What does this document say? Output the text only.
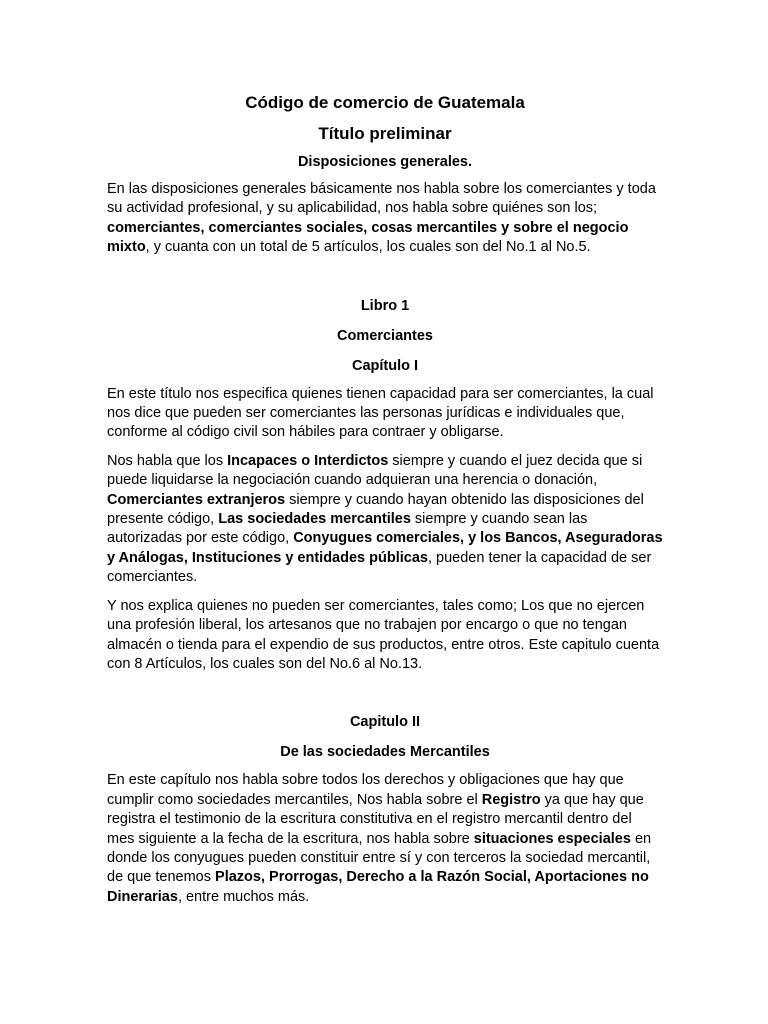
Código de comercio de Guatemala
Título preliminar
Disposiciones generales.

En las disposiciones generales básicamente nos habla sobre los comerciantes y toda su actividad profesional, y su aplicabilidad, nos habla sobre quiénes son los; comerciantes, comerciantes sociales, cosas mercantiles y sobre el negocio mixto, y cuanta con un total de 5 artículos, los cuales son del No.1 al No.5.

Libro 1
Comerciantes
Capítulo I

En este título nos especifica quienes tienen capacidad para ser comerciantes, la cual nos dice que pueden ser comerciantes las personas jurídicas e individuales que, conforme al código civil son hábiles para contraer y obligarse.

Nos habla que los Incapaces o Interdictos siempre y cuando el juez decida que si puede liquidarse la negociación cuando adquieran una herencia o donación, Comerciantes extranjeros siempre y cuando hayan obtenido las disposiciones del presente código, Las sociedades mercantiles siempre y cuando sean las autorizadas por este código, Conyugues comerciales, y los Bancos, Aseguradoras y Análogas, Instituciones y entidades públicas, pueden tener la capacidad de ser comerciantes.

Y nos explica quienes no pueden ser comerciantes, tales como; Los que no ejercen una profesión liberal, los artesanos que no trabajen por encargo o que no tengan almacén o tienda para el expendio de sus productos, entre otros. Este capitulo cuenta con 8 Artículos, los cuales son del No.6 al No.13.

Capitulo II
De las sociedades Mercantiles

En este capítulo nos habla sobre todos los derechos y obligaciones que hay que cumplir como sociedades mercantiles, Nos habla sobre el Registro ya que hay que registra el testimonio de la escritura constitutiva en el registro mercantil dentro del mes siguiente a la fecha de la escritura, nos habla sobre situaciones especiales en donde los conyugues pueden constituir entre sí y con terceros la sociedad mercantil, de que tenemos Plazos, Prorrogas, Derecho a la Razón Social, Aportaciones no Dinerarias, entre muchos más.
